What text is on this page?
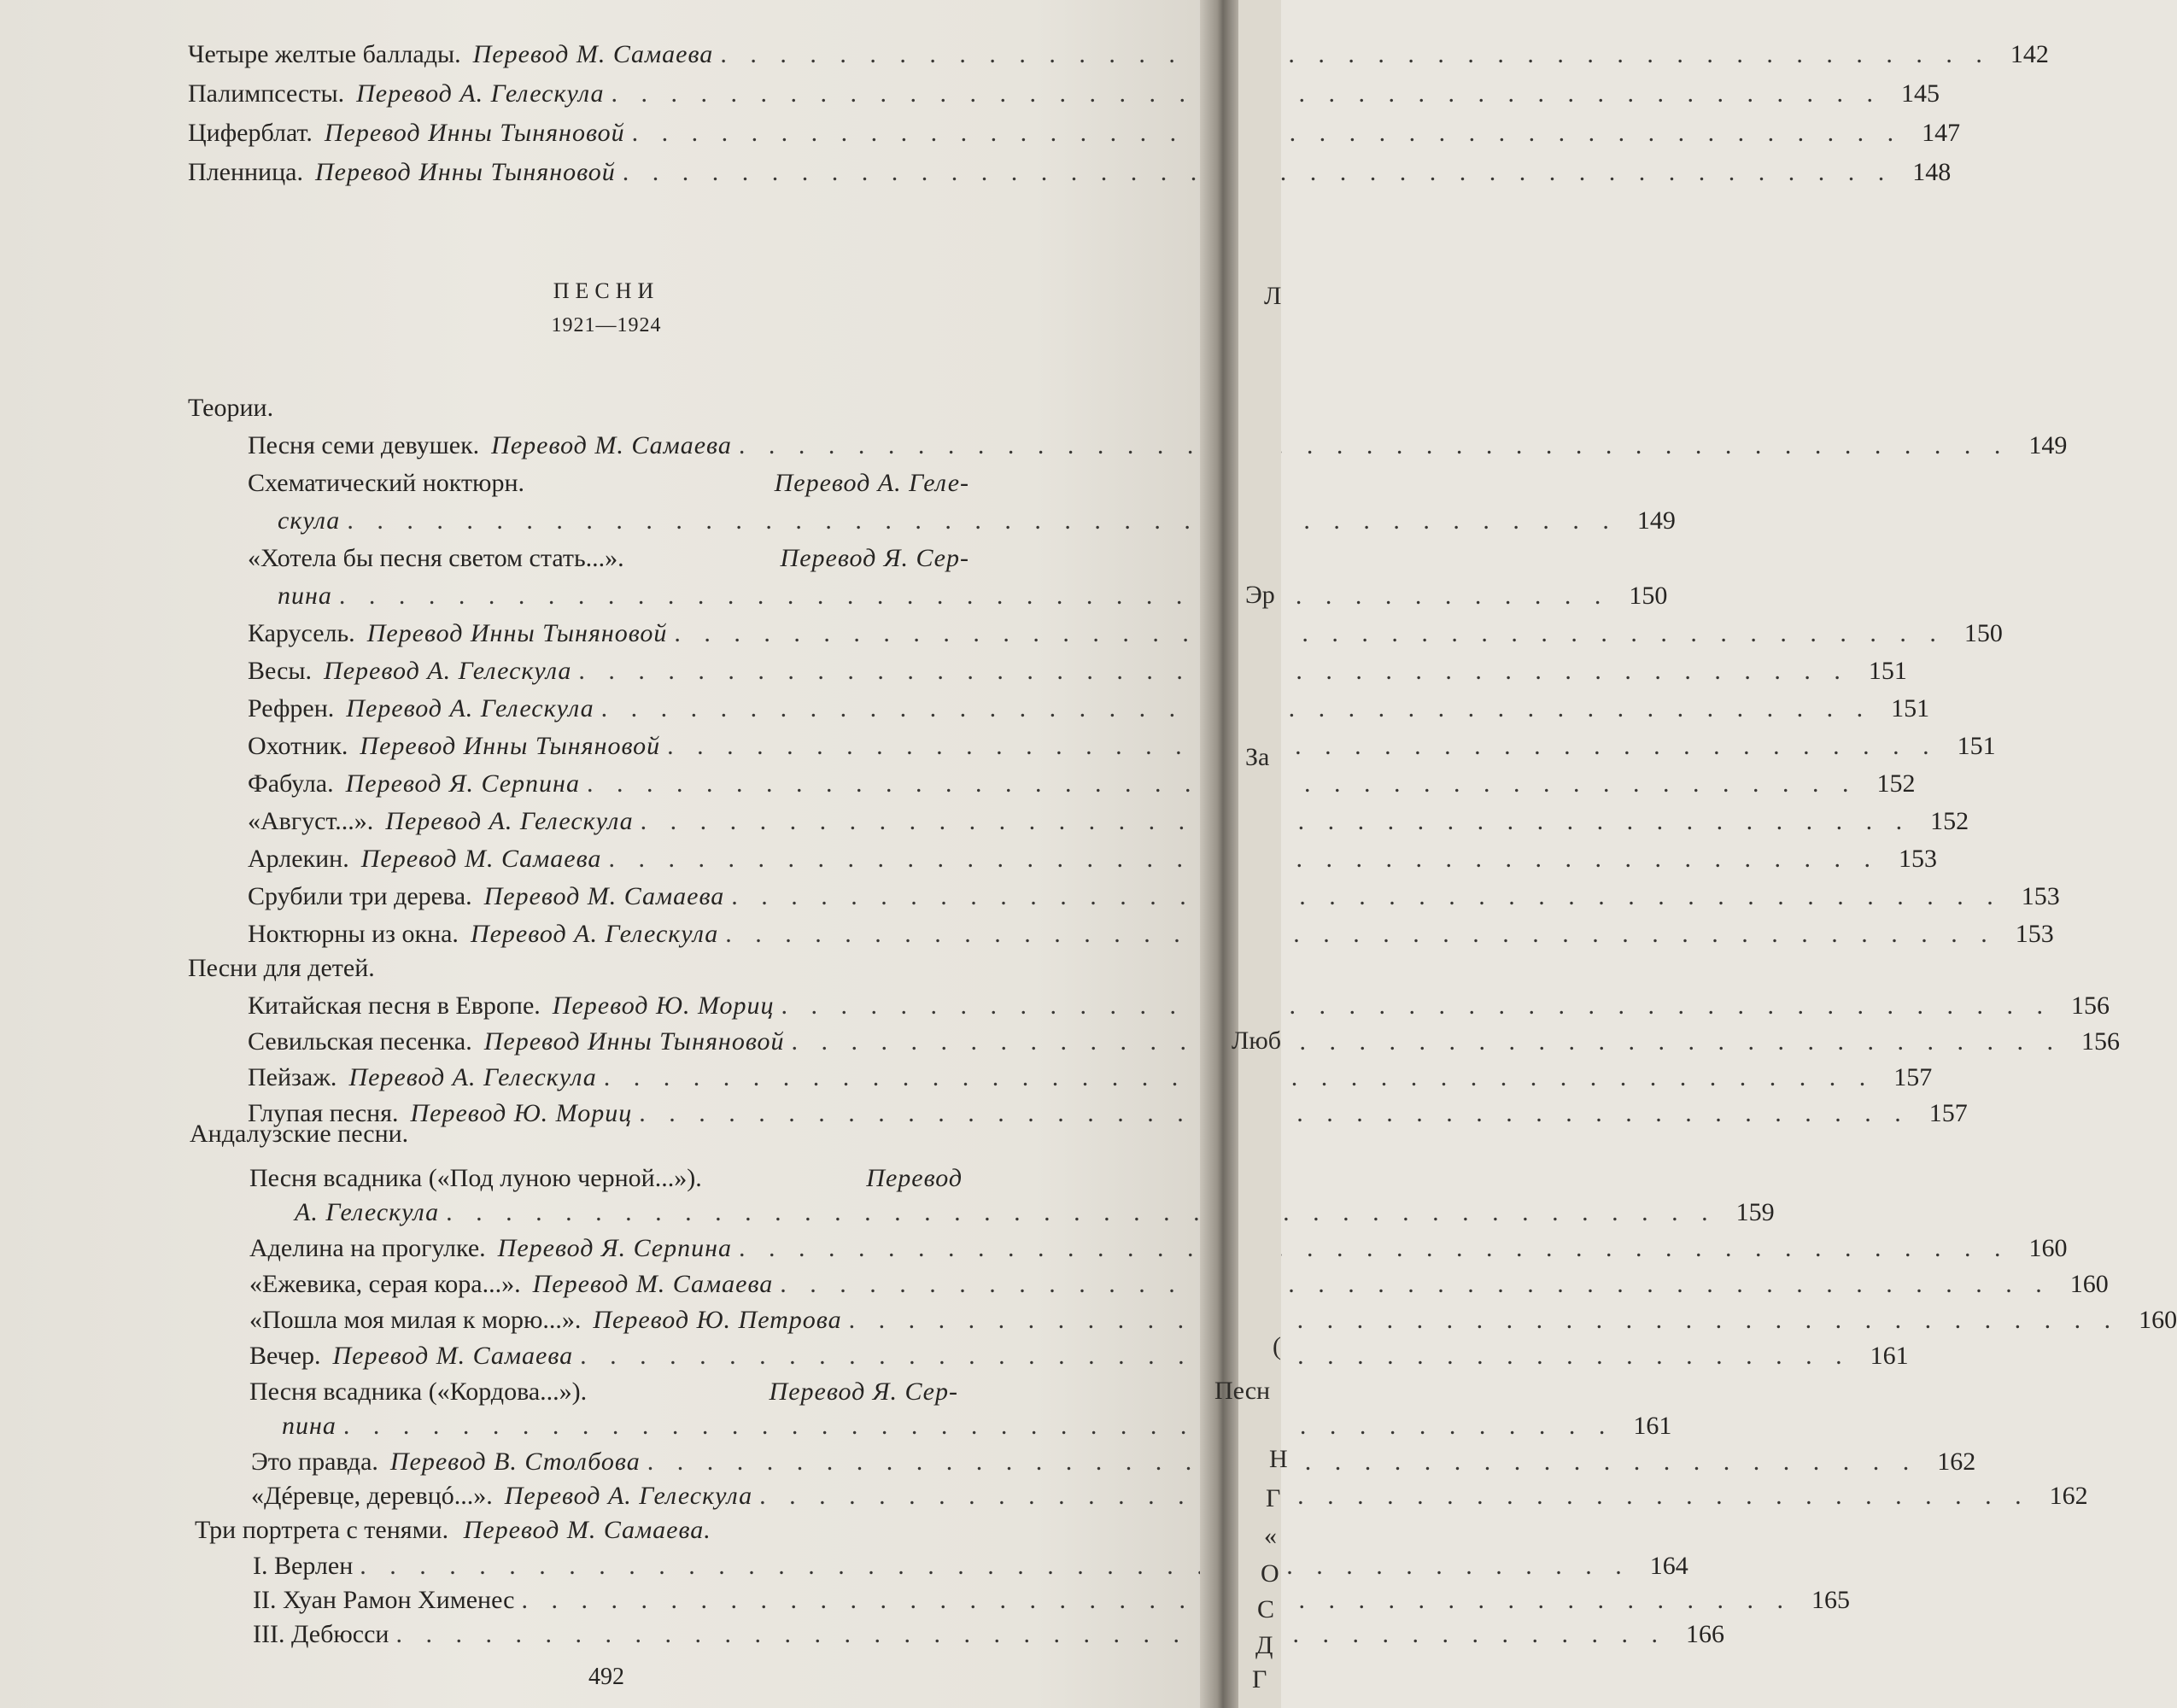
Четыре желтые баллады. Перевод М. Самаева . . .	142
Палимпсесты. Перевод А. Гелескула . . .	145
Циферблат. Перевод Инны Тыняновой . . .	147
Пленница. Перевод Инны Тыняновой . . .	148
ПЕСНИ
1921—1924
Теории.
Песня семи девушек. Перевод М. Самаева . . .	149
Схематический ноктюрн.	Перевод А. Геле-
скула . . .	149
«Хотела бы песня светом стать...».	Перевод Я. Сер-
пина . . .	150
Карусель. Перевод Инны Тыняновой . . .	150
Весы. Перевод А. Гелескула . . .	151
Рефрен. Перевод А. Гелескула . . .	151
Охотник. Перевод Инны Тыняновой . . .	151
Фабула. Перевод Я. Серпина . . .	152
«Август...». Перевод А. Гелескула . . .	152
Арлекин. Перевод М. Самаева . . .	153
Срубили три дерева. Перевод М. Самаева . . .	153
Ноктюрны из окна. Перевод А. Гелескула . . .	153
Песни для детей.
Китайская песня в Европе. Перевод Ю. Мориц . . .	156
Севильская песенка. Перевод Инны Тыняновой . . .	156
Пейзаж. Перевод А. Гелескула . . .	157
Глупая песня. Перевод Ю. Мориц . . .	157
Андалузские песни.
Песня всадника («Под луною черной...»).	Перевод
А. Гелескула . . .	159
Аделина на прогулке. Перевод Я. Серпина . . .	160
«Ежевика, серая кора...». Перевод М. Самаева . . .	160
«Пошла моя милая к морю...». Перевод Ю. Петрова . . .	160
Вечер. Перевод М. Самаева . . .	161
Песня всадника («Кордова...»).	Перевод Я. Сер-
пина . . .	161
Это правда. Перевод В. Столбова . . .	162
«Дéревце, деревцó...». Перевод А. Гелескула . . .	162
Три портрета с тенями. Перевод М. Самаева.
I. Верлен . . .	164
II. Хуан Рамон Хименес . . .	165
III. Дебюсси . . .	166
492
Л
Эр
За
Люб
(
Песн
Н
Г
«
О
С
Д
Г
